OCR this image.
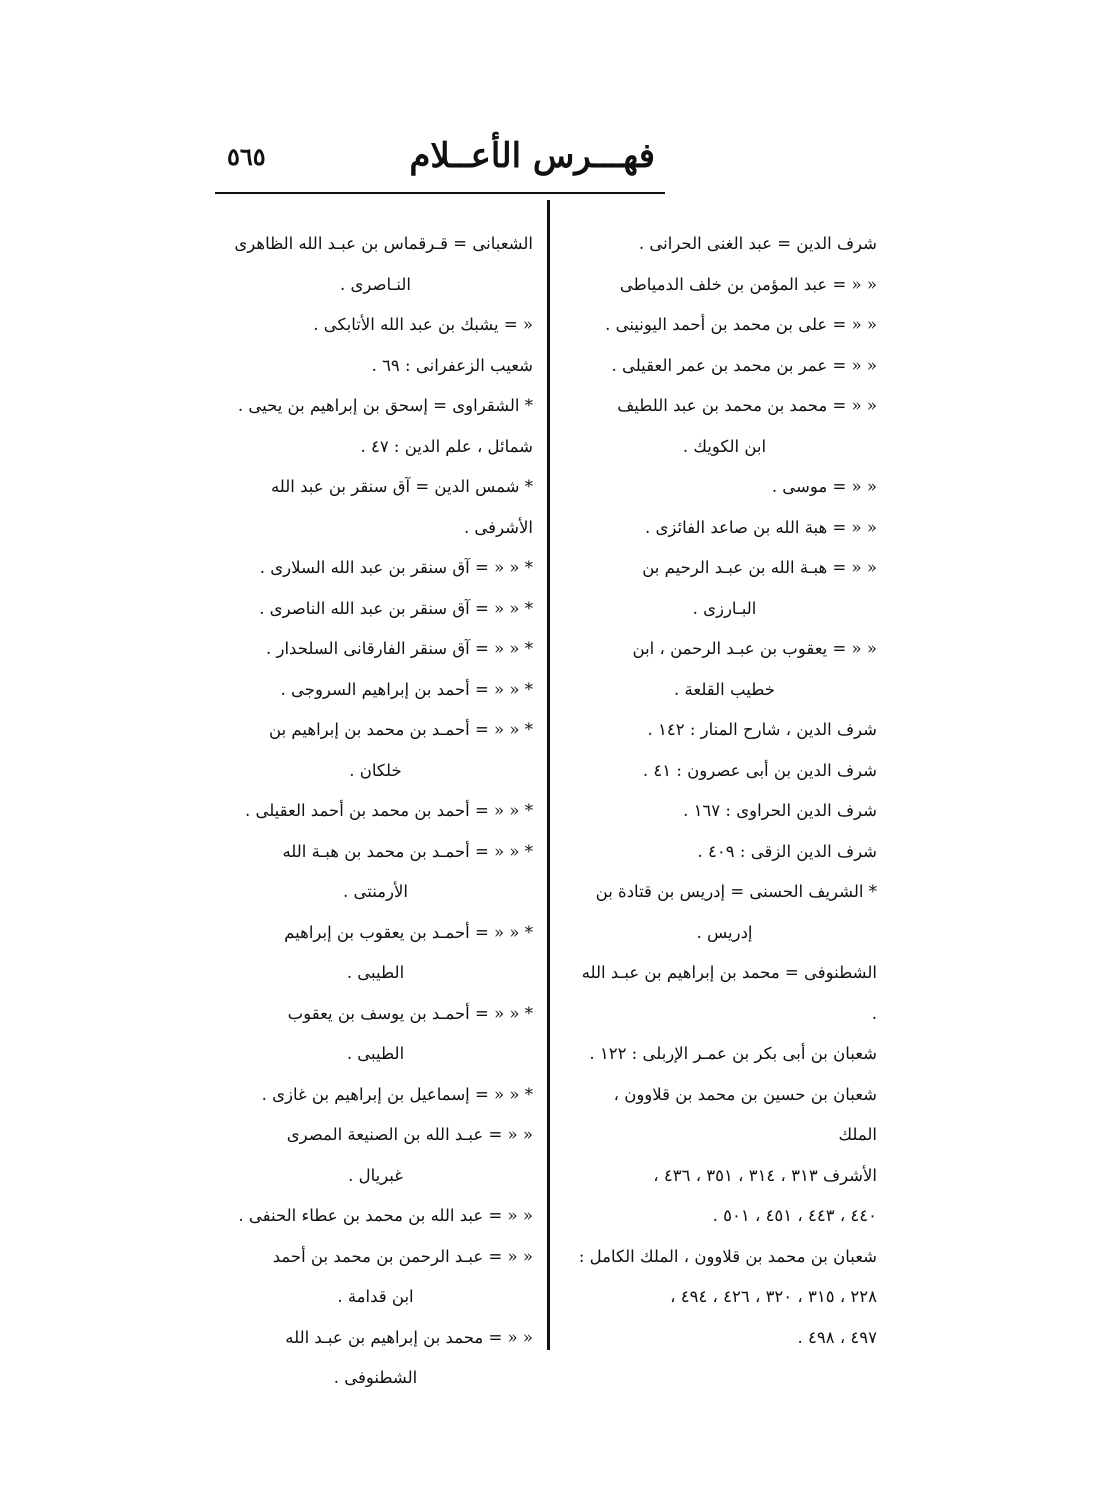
٥٦٥	فهـــرس الأعــلام
شرف الدين = عبد الغنى الحرانى .
« « = عبد المؤمن بن خلف الدمياطى
« « = على بن محمد بن أحمد اليونينى .
« « = عمر بن محمد بن عمر العقيلى .
« « = محمد بن محمد بن عبد اللطيف
ابن الكويك .
« « = موسى .
« « = هبة الله بن صاعد الفائزى .
« « = هبـة الله بن عبـد الرحيم بن
البـارزى .
« « = يعقوب بن عبـد الرحمن ، ابن
خطيب القلعة .
شرف الدين ، شارح المنار : ١٤٢ .
شرف الدين بن أبى عصرون : ٤١ .
شرف الدين الحراوى : ١٦٧ .
شرف الدين الزقى : ٤٠٩ .
* الشريف الحسنى = إدريس بن قتادة بن
إدريس .
الشطنوفى = محمد بن إبراهيم بن عبـد الله .
شعبان بن أبى بكر بن عمـر الإربلى : ١٢٢ .
شعبان بن حسين بن محمد بن قلاوون ، الملك
الأشرف ٣١٣ ، ٣١٤ ، ٣٥١ ، ٤٣٦ ،
٤٤٠ ، ٤٤٣ ، ٤٥١ ، ٥٠١ .
شعبان بن محمد بن قلاوون ، الملك الكامل :
٢٢٨ ، ٣١٥ ، ٣٢٠ ، ٤٢٦ ، ٤٩٤ ،
٤٩٧ ، ٤٩٨ .
الشعبانى = قـرقماس بن عبـد الله الظاهرى
النـاصرى .
« = يشبك بن عبد الله الأتابكى .
شعيب الزعفرانى : ٦٩ .
* الشقراوى = إسحق بن إبراهيم بن يحيى .
شمائل ، علم الدين : ٤٧ .
* شمس الدين = آق سنقر بن عبد الله الأشرفى .
* « « = آق سنقر بن عبد الله السلارى .
* « « = آق سنقر بن عبد الله الناصرى .
* « « = آق سنقر الفارقانى السلحدار .
* « « = أحمد بن إبراهيم السروجى .
* « « = أحمـد بن محمد بن إبراهيم بن
خلكان .
* « « = أحمد بن محمد بن أحمد العقيلى .
* « « = أحمـد بن محمد بن هبـة الله
الأرمنتى .
* « « = أحمـد بن يعقوب بن إبراهيم
الطيبى .
* « « = أحمـد بن يوسف بن يعقوب
الطيبى .
* « « = إسماعيل بن إبراهيم بن غازى .
« « = عبـد الله بن الصنيعة المصرى
غبريال .
« « = عبد الله بن محمد بن عطاء الحنفى .
« « = عبـد الرحمن بن محمد بن أحمد
ابن قدامة .
« « = محمد بن إبراهيم بن عبـد الله
الشطنوفى .
